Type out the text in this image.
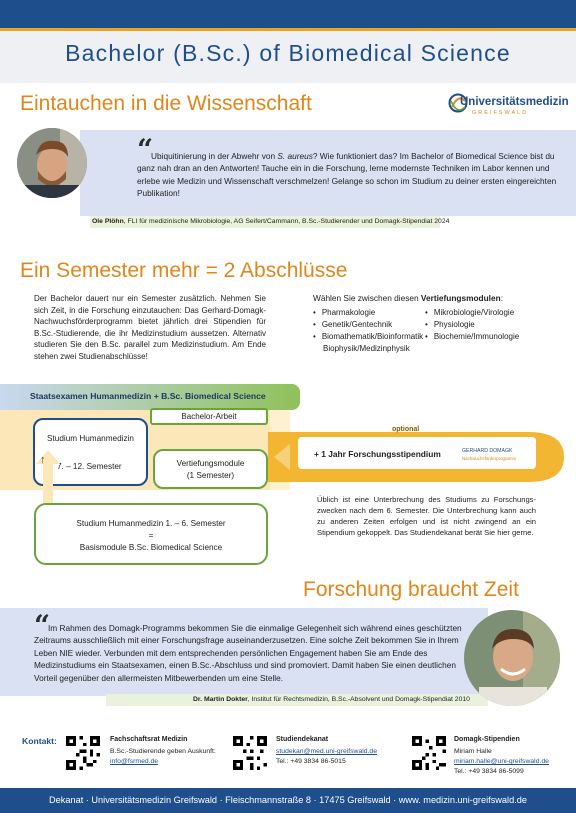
Bachelor (B.Sc.) of Biomedical Science
Eintauchen in die Wissenschaft	Universitätsmedizin
GREIFSWALD
“
Ubiquitinierung in der Abwehr von S. aureus? Wie funktioniert das? Im Bachelor of Biomedical Science bist du ganz nah dran an den Antworten! Tauche ein in die Forschung, lerne modernste Techniken im Labor kennen und erlebe wie Medizin und Wissenschaft verschmelzen! Gelange so schon im Studium zu deiner ersten eingereichten Publikation!
Ole Plöhn, FLI für medizinische Mikrobiologie, AG Seifert/Cammann, B.Sc.-Studierender und Domagk-Stipendiat 2024
Ein Semester mehr = 2 Abschlüsse
Der Bachelor dauert nur ein Semester zusätzlich. Nehmen Sie sich Zeit, in die Forschung einzutauchen: Das Gerhard-Domagk-Nachwuchsförderprogramm bietet jährlich drei Stipendien für B.Sc.-Studierende, die ihr Medizinstudium aussetzen. Alternativ studieren Sie den B.Sc. parallel zum Medizinstudium. Am Ende stehen zwei Studienabschlüsse!
Wählen Sie zwischen diesen Vertiefungsmodulen:
• Pharmakologie
• Genetik/Gentechnik
• Biomathematik/Bioinformatik
Biophysik/Medizinphysik
• Mikrobiologie/Virologie
• Physiologie
• Biochemie/Immunologie
Staatsexamen Humanmedizin + B.Sc. Biomedical Science
Bachelor-Arbeit
Studium Humanmedizin
7. – 12. Semester	Vertiefungsmodule
(1 Semester)
optional
+ 1 Jahr Forschungsstipendium	GERHARD DOMAGK
Nachwuchsförderprogramm
↑
Studium Humanmedizin 1. – 6. Semester
=
Basismodule B.Sc. Biomedical Science
Üblich ist eine Unterbrechung des Studiums zu Forschungs-zwecken nach dem 6. Semester. Die Unterbrechung kann auch zu anderen Zeiten erfolgen und ist nicht zwingend an ein Stipendium gekoppelt. Das Studiendekanat berät Sie hier gerne.
Forschung braucht Zeit
“
Im Rahmen des Domagk-Programms bekommen Sie die einmalige Gelegenheit sich während eines geschützten Zeitraums ausschließlich mit einer Forschungsfrage auseinanderzusetzen. Eine solche Zeit bekommen Sie in Ihrem Leben NIE wieder. Verbunden mit dem entsprechenden persönlichen Engagement haben Sie am Ende des Medizinstudiums ein Staatsexamen, einen B.Sc.-Abschluss und sind promoviert. Damit haben Sie einen deutlichen Vorteil gegenüber den allermeisten Mitbewerbenden um eine Stelle.
Dr. Martin Dokter, Institut für Rechtsmedizin, B.Sc.-Absolvent und Domagk-Stipendiat 2010
Kontakt:	Fachschaftsrat Medizin
B.Sc.-Studierende geben Auskunft:
info@fsrmed.de
Studiendekanat
studekan@med.uni-greifswald.de
Tel.: +49 3834 86-5015
Domagk-Stipendien
Miriam Halle
miriam.halle@uni-greifswald.de
Tel.: +49 3834 86-5099
Dekanat · Universitätsmedizin Greifswald · Fleischmannstraße 8 · 17475 Greifswald · www. medizin.uni-greifswald.de
